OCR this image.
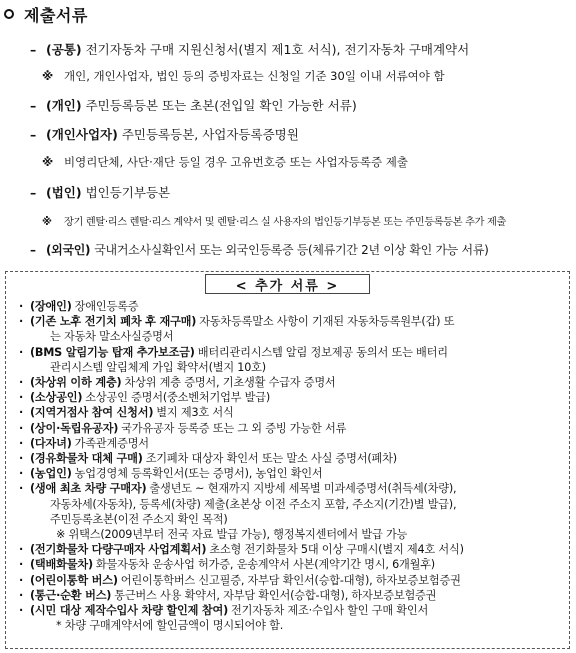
제출서류
– (공통) 전기자동차 구매 지원신청서(별지 제1호 서식), 전기자동차 구매계약서
※ 개인, 개인사업자, 법인 등의 증빙자료는 신청일 기준 30일 이내 서류여야 함
– (개인) 주민등록등본 또는 초본(전입일 확인 가능한 서류)
– (개인사업자) 주민등록등본, 사업자등록증명원
※ 비영리단체, 사단·재단 등일 경우 고유번호증 또는 사업자등록증 제출
– (법인) 법인등기부등본
※ 장기 렌탈·리스 렌탈·리스 계약서 및 렌탈·리스 실 사용자의 법인등기부등본 또는 주민등록등본 추가 제출
– (외국인) 국내거소사실확인서 또는 외국인등록증 등(체류기간 2년 이상 확인 가능 서류)
< 추가 서류 >
· (장애인) 장애인등록증
· (기존 노후 전기치 폐차 후 재구매) 자동차등록말소 사항이 기재된 자동차등록원부(갑) 또
는 자동차 말소사실증명서
· (BMS 알림기능 탑재 추가보조금) 배터리관리시스템 알림 정보제공 동의서 또는 배터리
관리시스템 알림체계 가입 확약서(별지 10호)
· (차상위 이하 계층) 차상위 계층 증명서, 기초생활 수급자 증명서
· (소상공인) 소상공인 증명서(중소벤처기업부 발급)
· (지역거점사 참여 신청서) 별지 제3호 서식
· (상이·독립유공자) 국가유공자 등록증 또는 그 외 증빙 가능한 서류
· (다자녀) 가족관계증명서
· (경유화물차 대체 구매) 조기폐차 대상자 확인서 또는 말소 사실 증명서(폐차)
· (농업인) 농업경영체 등록확인서(또는 증명서), 농업인 확인서
· (생애 최초 차량 구매자) 출생년도 ~ 현재까지 지방세 세목별 미과세증명서(취득세(차량),
자동차세(자동차), 등록세(차량) 제출(초본상 이전 주소지 포함, 주소지(기간)별 발급),
주민등록초본(이전 주소지 확인 목적)
※ 위택스(2009년부터 전국 자료 발급 가능), 행정복지센터에서 발급 가능
· (전기화물차 다량구매자 사업계획서) 초소형 전기화물차 5대 이상 구매시(별지 제4호 서식)
· (택배화물차) 화물자동차 운송사업 허가증, 운송계약서 사본(계약기간 명시, 6개월후)
· (어린이통학 버스) 어린이통학버스 신고필증, 자부담 확인서(승합-대형), 하자보증보험증권
· (통근·순환 버스) 통근버스 사용 확약서, 자부담 확인서(승합-대형), 하자보증보험증권
· (시민 대상 제작수입사 차량 할인제 참여) 전기자동차 제조·수입사 할인 구매 확인서
* 차량 구매계약서에 할인금액이 명시되어야 함.
